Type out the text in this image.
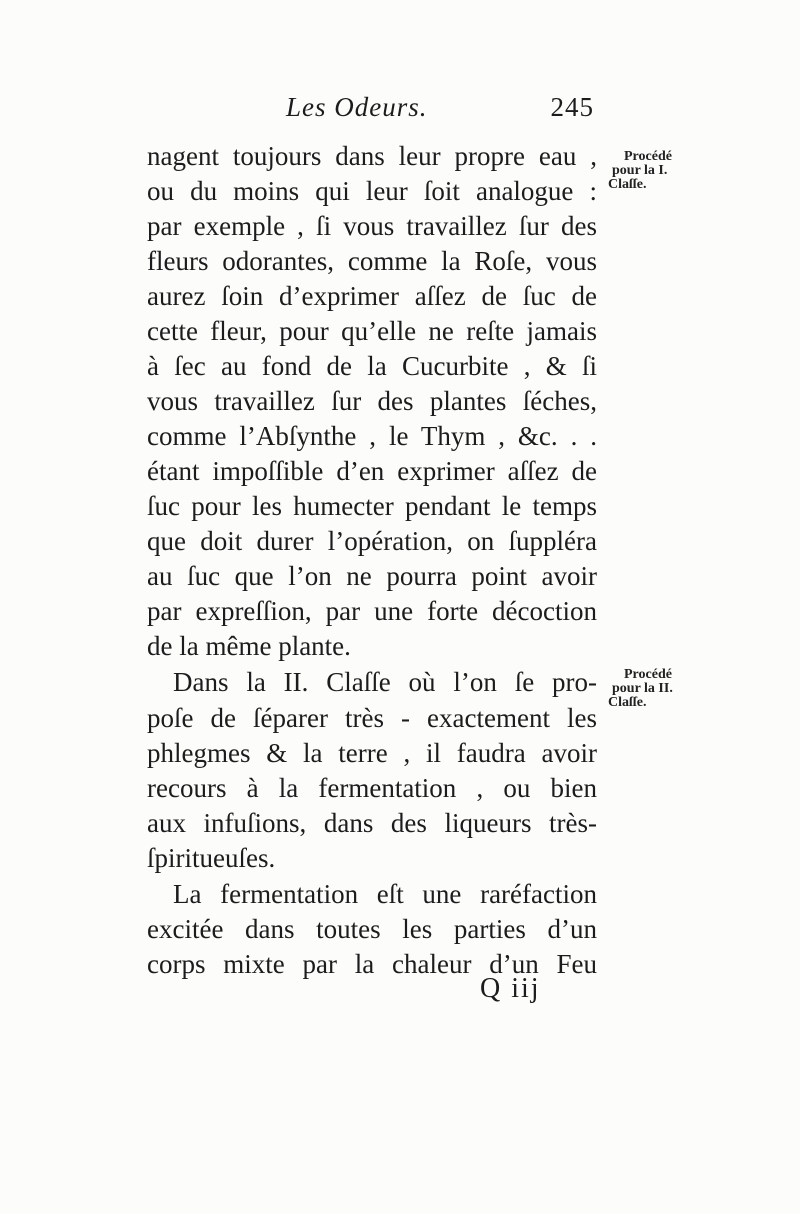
Les Odeurs.	245
nagent toujours dans leur propre eau ,
ou du moins qui leur ſoit analogue :
par exemple , ſi vous travaillez ſur des
fleurs odorantes, comme la Roſe, vous
aurez ſoin d’exprimer aſſez de ſuc de
cette fleur, pour qu’elle ne reſte jamais
à ſec au fond de la Cucurbite , & ſi
vous travaillez ſur des plantes ſéches,
comme l’Abſynthe , le Thym , &c. . .
étant impoſſible d’en exprimer aſſez de
ſuc pour les humecter pendant le temps
que doit durer l’opération, on ſuppléra
au ſuc que l’on ne pourra point avoir
par expreſſion, par une forte décoction
de la même plante.
Dans la II. Claſſe où l’on ſe pro-
poſe de ſéparer très - exactement les
phlegmes & la terre , il faudra avoir
recours à la fermentation , ou bien
aux infuſions, dans des liqueurs très-
ſpiritueuſes.
La fermentation eſt une raréfaction
excitée dans toutes les parties d’un
corps mixte par la chaleur d’un Feu
Procédé
pour la I.
Claſſe.
Procédé
pour la II.
Claſſe.
Q iij
